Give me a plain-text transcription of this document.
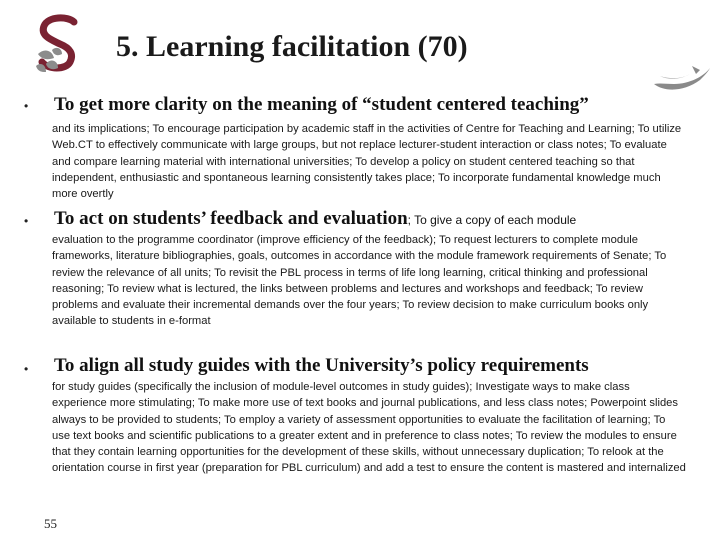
5. Learning facilitation (70)
• To get more clarity on the meaning of “student centered teaching”
and its implications; To encourage participation by academic staff in the activities of Centre for Teaching and Learning; To utilize Web.CT to effectively communicate with large groups, but not replace lecturer-student interaction or class notes; To evaluate and compare learning material with international universities; To develop a policy on student centered teaching so that independent, enthusiastic and spontaneous learning consistently takes place; To incorporate fundamental knowledge much more overtly
• To act on students’ feedback and evaluation; To give a copy of each module
evaluation to the programme coordinator (improve efficiency of the feedback); To request lecturers to complete module frameworks, literature bibliographies, goals, outcomes in accordance with the module framework requirements of Senate; To review the relevance of all units; To revisit the PBL process in terms of life long learning, critical thinking and professional reasoning; To review what is lectured, the links between problems and lectures and workshops and feedback; To review problems and evaluate their incremental demands over the four years; To review decision to make curriculum books only available to students in e-format
• To align all study guides with the University’s policy requirements
for study guides (specifically the inclusion of module-level outcomes in study guides); Investigate ways to make class experience more stimulating; To make more use of text books and journal publications, and less class notes; Powerpoint slides always to be provided to students; To employ a variety of assessment opportunities to evaluate the facilitation of learning; To use text books and scientific publications to a greater extent and in preference to class notes; To review the modules to ensure that they contain learning opportunities for the development of these skills, without unnecessary duplication; To relook at the orientation course in first year (preparation for PBL curriculum) and add a test to ensure the content is mastered and internalized
55
